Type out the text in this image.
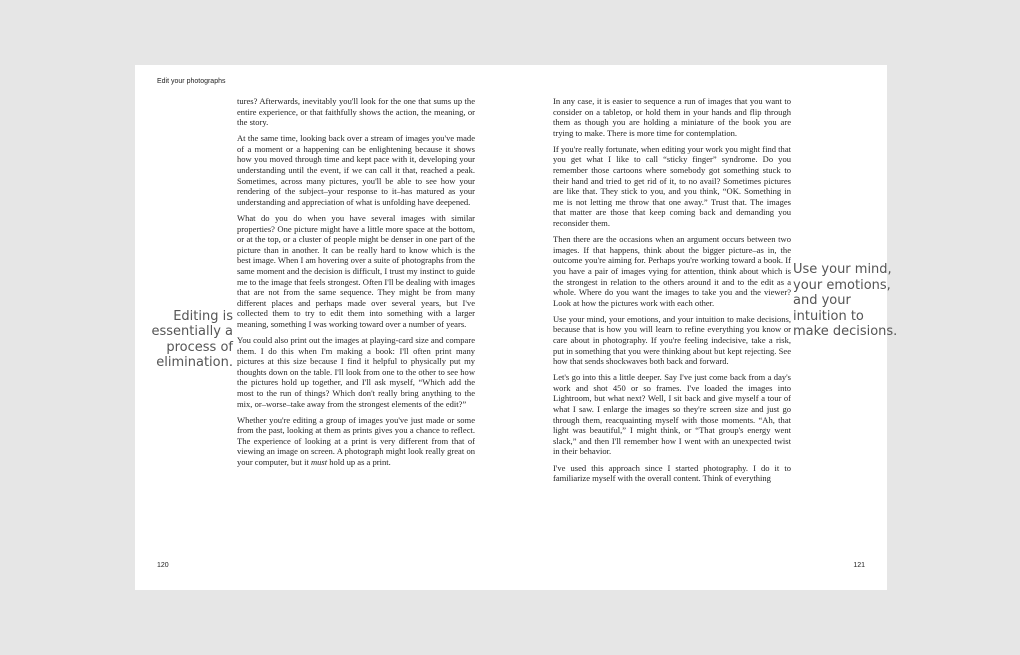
Edit your photographs

tures? Afterwards, inevitably you'll look for the one that sums up the entire experience, or that faithfully shows the action, the meaning, or the story.

At the same time, looking back over a stream of images you've made of a moment or a happening can be enlightening because it shows how you moved through time and kept pace with it, developing your understanding until the event, if we can call it that, reached a peak. Sometimes, across many pictures, you'll be able to see how your rendering of the subject–your response to it–has matured as your understanding and appreciation of what is unfolding have deepened.

Editing is essentially a process of elimination.

What do you do when you have several images with similar properties? One picture might have a little more space at the bottom, or at the top, or a cluster of people might be denser in one part of the picture than in another. It can be really hard to know which is the best image. When I am hovering over a suite of photographs from the same moment and the decision is difficult, I trust my instinct to guide me to the image that feels strongest. Often I'll be dealing with images that are not from the same sequence. They might be from many different places and perhaps made over several years, but I've collected them to try to edit them into something with a larger meaning, something I was working toward over a number of years.

You could also print out the images at playing-card size and compare them. I do this when I'm making a book: I'll often print many pictures at this size because I find it helpful to physically put my thoughts down on the table. I'll look from one to the other to see how the pictures hold up together, and I'll ask myself, “Which add the most to the run of things? Which don't really bring anything to the mix, or–worse–take away from the strongest elements of the edit?”

Whether you're editing a group of images you've just made or some from the past, looking at them as prints gives you a chance to reflect. The experience of looking at a print is very different from that of viewing an image on screen. A photograph might look really great on your computer, but it must hold up as a print.

120

In any case, it is easier to sequence a run of images that you want to consider on a tabletop, or hold them in your hands and flip through them as though you are holding a miniature of the book you are trying to make. There is more time for contemplation.

If you're really fortunate, when editing your work you might find that you get what I like to call “sticky finger” syndrome. Do you remember those cartoons where somebody got something stuck to their hand and tried to get rid of it, to no avail? Sometimes pictures are like that. They stick to you, and you think, “OK. Something in me is not letting me throw that one away.” Trust that. The images that matter are those that keep coming back and demanding you reconsider them.

Use your mind, your emotions, and your intuition to make decisions.

Then there are the occasions when an argument occurs between two images. If that happens, think about the bigger picture–as in, the outcome you're aiming for. Perhaps you're working toward a book. If you have a pair of images vying for attention, think about which is the strongest in relation to the others around it and to the edit as a whole. Where do you want the images to take you and the viewer? Look at how the pictures work with each other.

Use your mind, your emotions, and your intuition to make decisions, because that is how you will learn to refine everything you know or care about in photography. If you're feeling indecisive, take a risk, put in something that you were thinking about but kept rejecting. See how that sends shockwaves both back and forward.

Let's go into this a little deeper. Say I've just come back from a day's work and shot 450 or so frames. I've loaded the images into Lightroom, but what next? Well, I sit back and give myself a tour of what I saw. I enlarge the images so they're screen size and just go through them, reacquainting myself with those moments. “Ah, that light was beautiful,” I might think, or “That group's energy went slack,” and then I'll remember how I went with an unexpected twist in their behavior.

I've used this approach since I started photography. I do it to familiarize myself with the overall content. Think of everything

121
